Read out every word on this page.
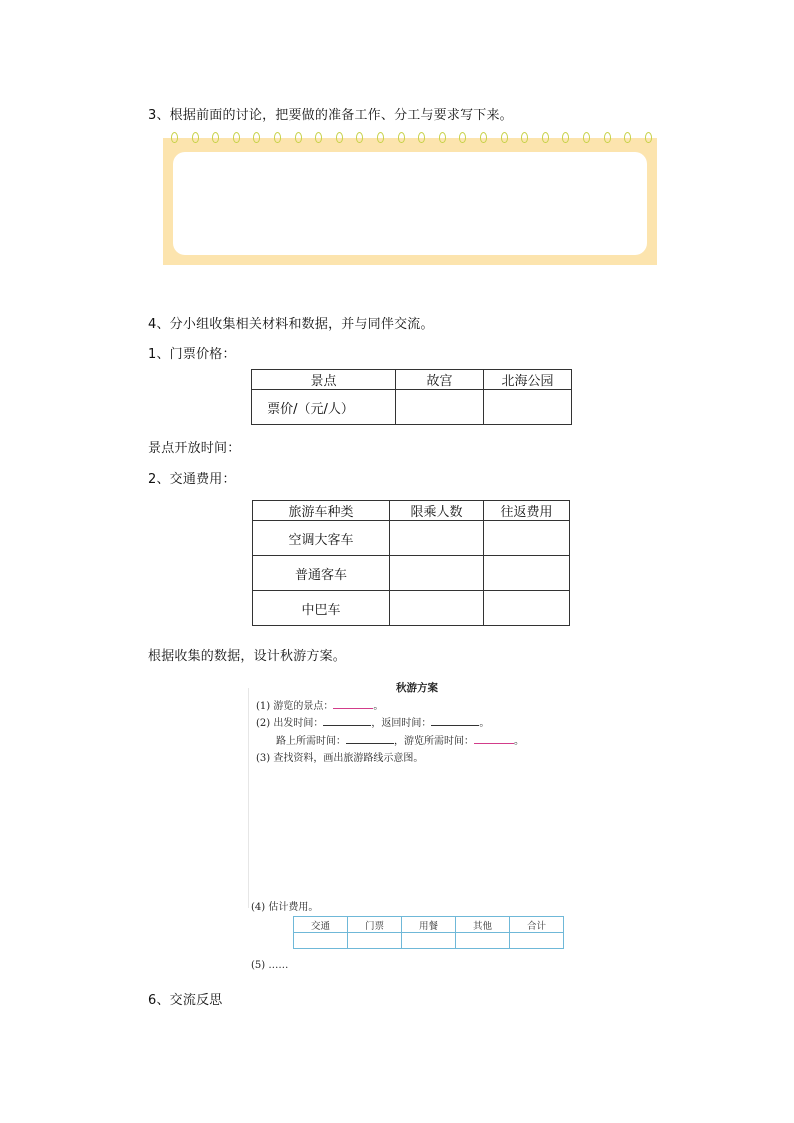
3、根据前面的讨论，把要做的准备工作、分工与要求写下来。
4、分小组收集相关材料和数据，并与同伴交流。
1、门票价格：
景点	故宫	北海公园
票价/（元/人）		
景点开放时间：
2、交通费用：
旅游车种类	限乘人数	往返费用
空调大客车		
普通客车		
中巴车		
根据收集的数据，设计秋游方案。
秋游方案
(1) 游览的景点：	。
(2) 出发时间：	，返回时间：	。
路上所需时间：	，游览所需时间：	。
(3) 查找资料，画出旅游路线示意图。
(4) 估计费用。
交通	门票	用餐	其他	合计

(5) ……
6、交流反思
